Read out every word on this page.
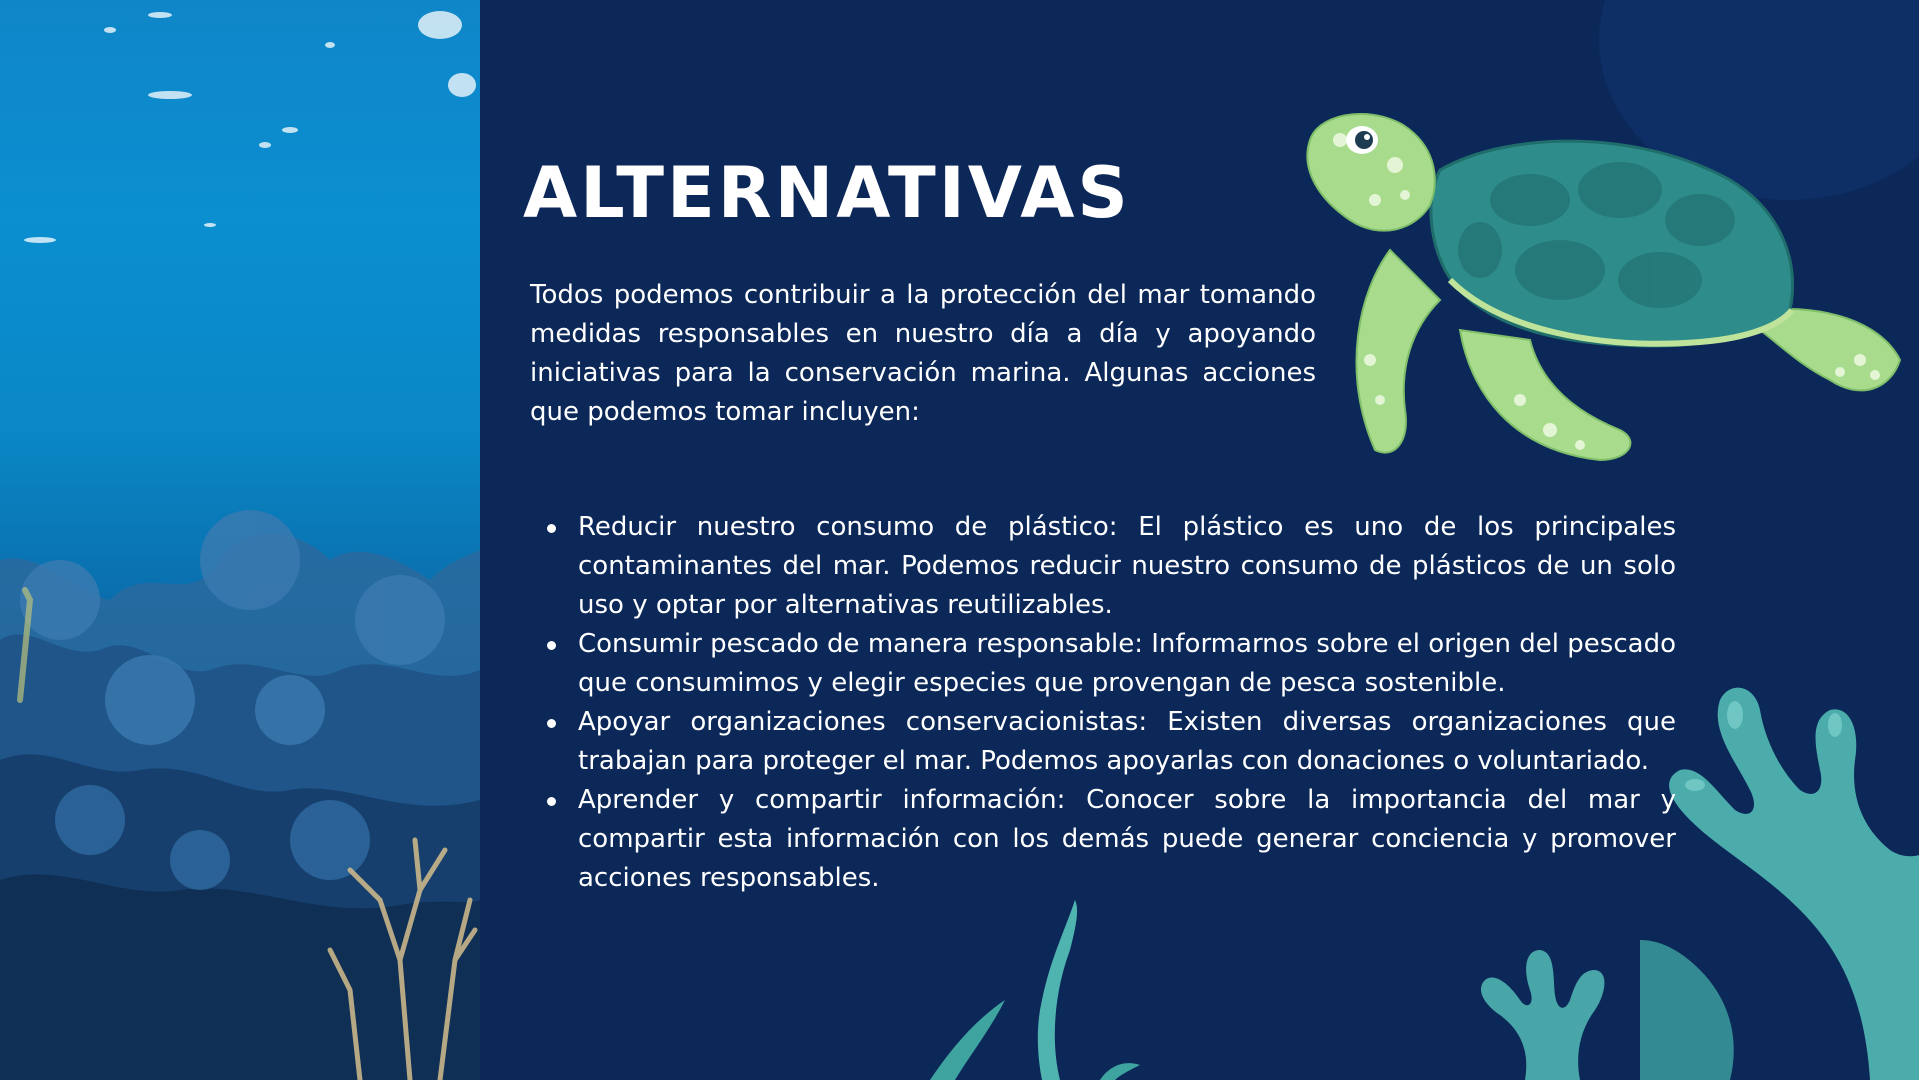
ALTERNATIVAS

Todos podemos contribuir a la protección del mar tomando medidas responsables en nuestro día a día y apoyando iniciativas para la conservación marina. Algunas acciones que podemos tomar incluyen:

Reducir nuestro consumo de plástico: El plástico es uno de los principales contaminantes del mar. Podemos reducir nuestro consumo de plásticos de un solo uso y optar por alternativas reutilizables.
Consumir pescado de manera responsable: Informarnos sobre el origen del pescado que consumimos y elegir especies que provengan de pesca sostenible.
Apoyar organizaciones conservacionistas: Existen diversas organizaciones que trabajan para proteger el mar. Podemos apoyarlas con donaciones o voluntariado.
Aprender y compartir información: Conocer sobre la importancia del mar y compartir esta información con los demás puede generar conciencia y promover acciones responsables.
